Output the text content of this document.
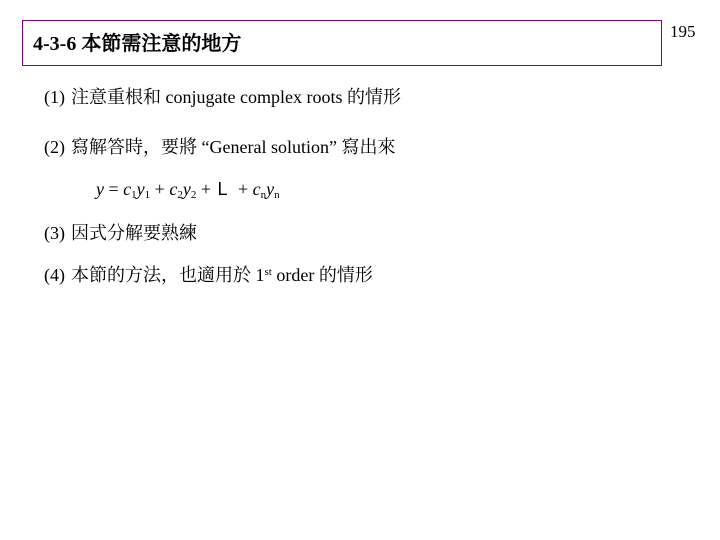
195
4-3-6 本節需注意的地方
(1) 注意重根和 conjugate complex roots 的情形
(2) 寫解答時，要將 “General solution” 寫出來
$y = c_1y_1 + c_2y_2 + L + c_ny_n$
(3) 因式分解要熟練
(4) 本節的方法，也適用於 1st order 的情形
